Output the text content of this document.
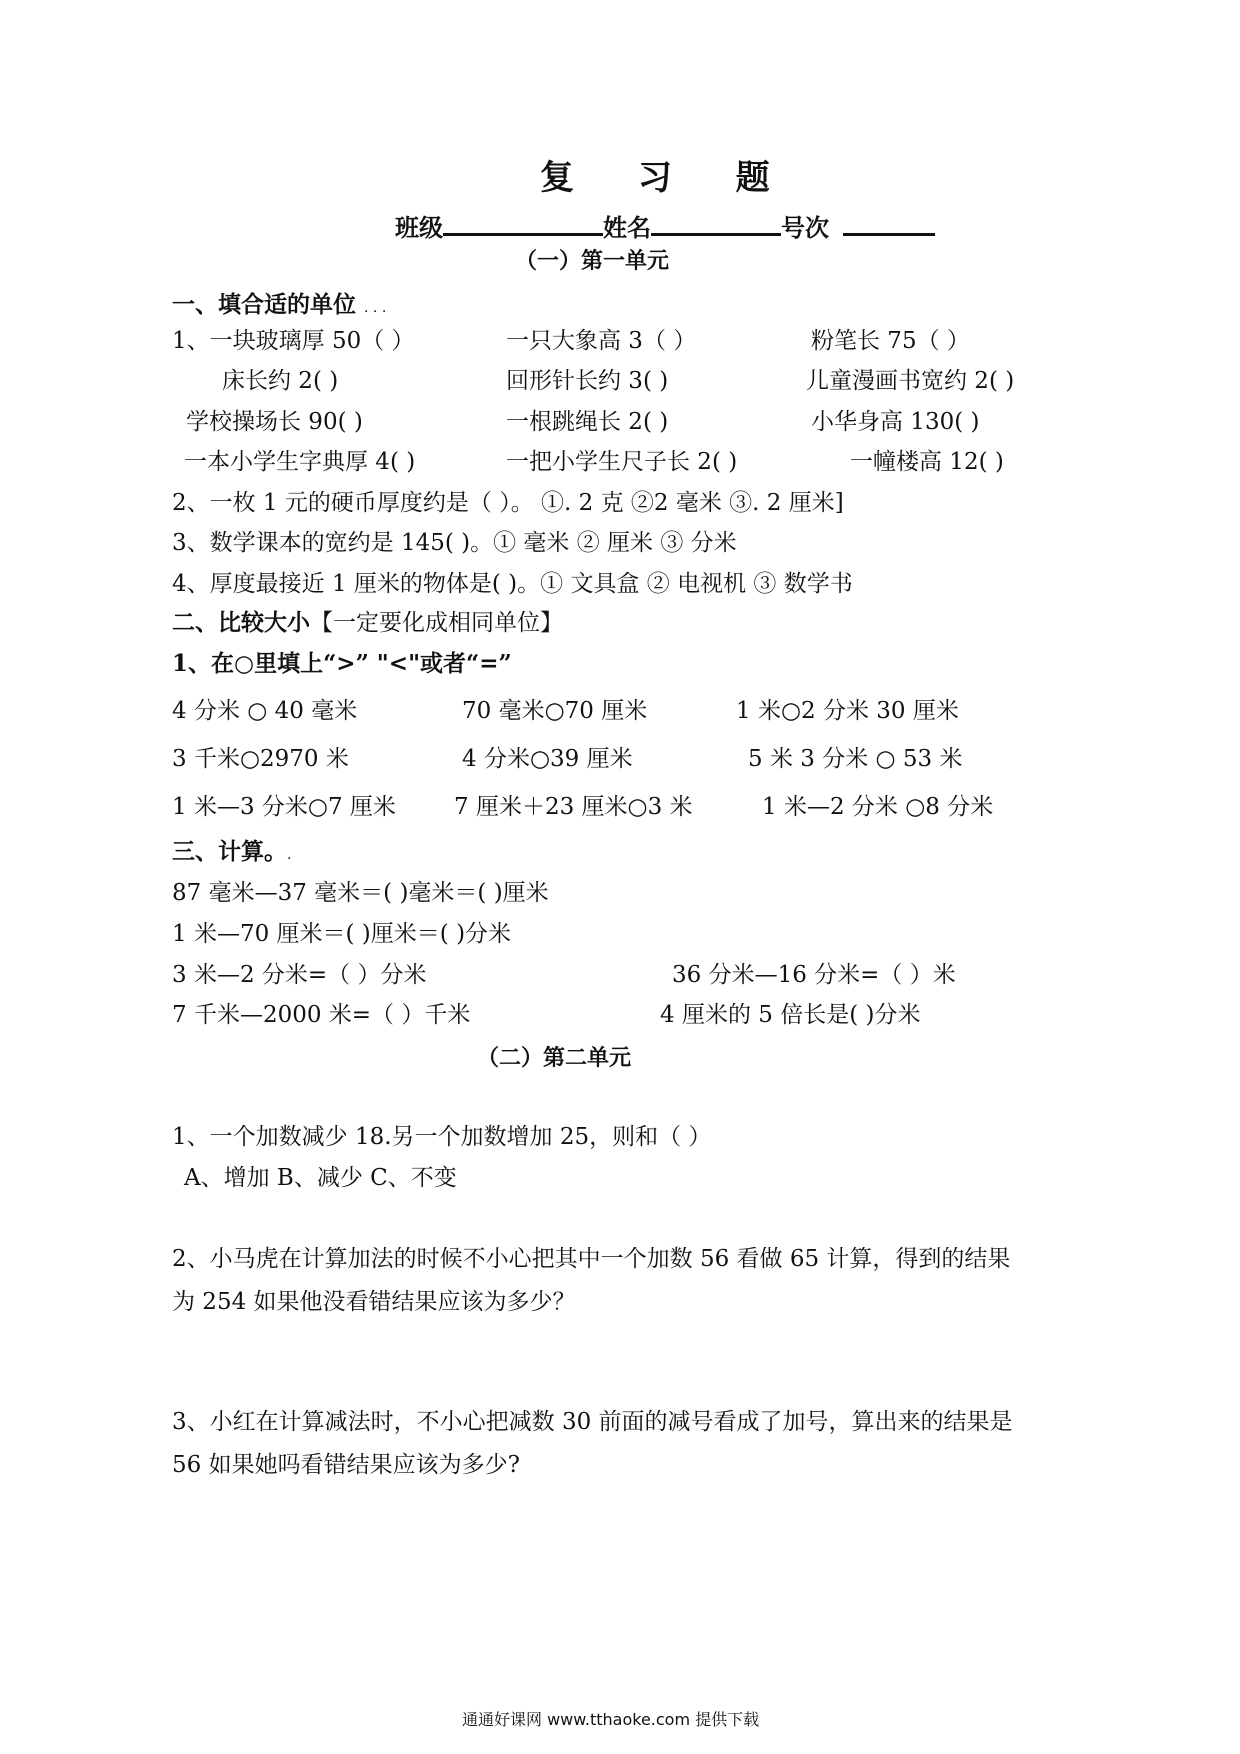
复 习 题
班级	姓名	号次
（一）第一单元
一、填合适的单位 . . .
1、一块玻璃厚 50（ ）	一只大象高 3（ ）	粉笔长 75（ ）
床长约 2( )	回形针长约 3( )	儿童漫画书宽约 2( )
学校操场长 90( )	一根跳绳长 2( )	小华身高 130( )
一本小学生字典厚 4( )	一把小学生尺子长 2( )	一幢楼高 12( )
2、一枚 1 元的硬币厚度约是（ ）。 ①. 2 克 ②2 毫米 ③. 2 厘米]
3、数学课本的宽约是 145( )。① 毫米 ② 厘米 ③ 分米
4、厚度最接近 1 厘米的物体是( )。① 文具盒 ② 电视机 ③ 数学书
二、比较大小【一定要化成相同单位】
1、在○里填上“>” "<"或者“=”
4 分米 ○ 40 毫米	70 毫米○70 厘米	1 米○2 分米 30 厘米
3 千米○2970 米	4 分米○39 厘米	5 米 3 分米 ○ 53 米
1 米—3 分米○7 厘米	7 厘米＋23 厘米○3 米	1 米—2 分米 ○8 分米
三、计算。.
87 毫米—37 毫米＝( )毫米＝( )厘米
1 米—70 厘米＝( )厘米＝( )分米
3 米—2 分米=（ ）分米	36 分米—16 分米=（ ）米
7 千米—2000 米=（ ）千米	4 厘米的 5 倍长是( )分米
（二）第二单元
1、一个加数减少 18.另一个加数增加 25，则和（ ）
A、增加 B、减少 C、不变
2、小马虎在计算加法的时候不小心把其中一个加数 56 看做 65 计算，得到的结果
为 254 如果他没看错结果应该为多少？
3、小红在计算减法时，不小心把减数 30 前面的减号看成了加号，算出来的结果是
56 如果她吗看错结果应该为多少?
通通好课网 www.tthaoke.com 提供下载
